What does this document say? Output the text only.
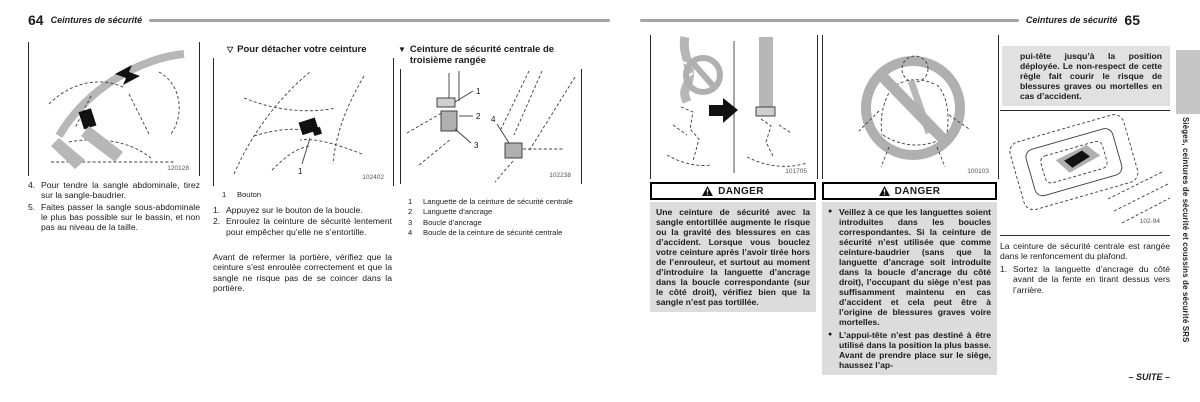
64 Ceintures de sécurité
120128
4. Pour tendre la sangle abdominale, tirez sur la sangle-baudrier.
5. Faites passer la sangle sous-abdominale le plus bas possible sur le bassin, et non pas au niveau de la taille.
▽ Pour détacher votre ceinture
1
102402
1	Bouton
1. Appuyez sur le bouton de la boucle.
2. Enroulez la ceinture de sécurité lentement pour empêcher qu’elle ne s’entortille.
Avant de refermer la portière, vérifiez que la ceinture s’est enroulée correctement et que la sangle ne risque pas de se coincer dans la portière.
▼ Ceinture de sécurité centrale de troisième rangée
1
2
3
4
102238
1	Languette de la ceinture de sécurité centrale
2	Languette d’ancrage
3	Boucle d’ancrage
4	Boucle de la ceinture de sécurité centrale
Ceintures de sécurité 65
101705
DANGER
Une ceinture de sécurité avec la sangle entortillée augmente le risque ou la gravité des blessures en cas d’accident. Lorsque vous bouclez votre ceinture après l’avoir tirée hors de l’enrouleur, et surtout au moment d’introduire la languette d’ancrage dans la boucle correspondante (sur le côté droit), vérifiez bien que la sangle n’est pas tortillée.
100103
DANGER
● Veillez à ce que les languettes soient introduites dans les boucles correspondantes. Si la ceinture de sécurité n’est utilisée que comme ceinture-baudrier (sans que la languette d’ancrage soit introduite dans la boucle d’ancrage du côté droit), l’occupant du siège n’est pas suffisamment maintenu en cas d’accident et cela peut être à l’origine de blessures graves voire mortelles.
● L’appui-tête n’est pas destiné à être utilisé dans la position la plus basse. Avant de prendre place sur le siège, haussez l’ap-
pui-tête jusqu’à la position déployée. Le non-respect de cette règle fait courir le risque de blessures graves ou mortelles en cas d’accident.
102-94
La ceinture de sécurité centrale est rangée dans le renfoncement du plafond.
1. Sortez la languette d’ancrage du côté avant de la fente en tirant dessus vers l’arrière.
– SUITE –
Sièges, ceintures de sécurité et coussins de sécurité SRS
